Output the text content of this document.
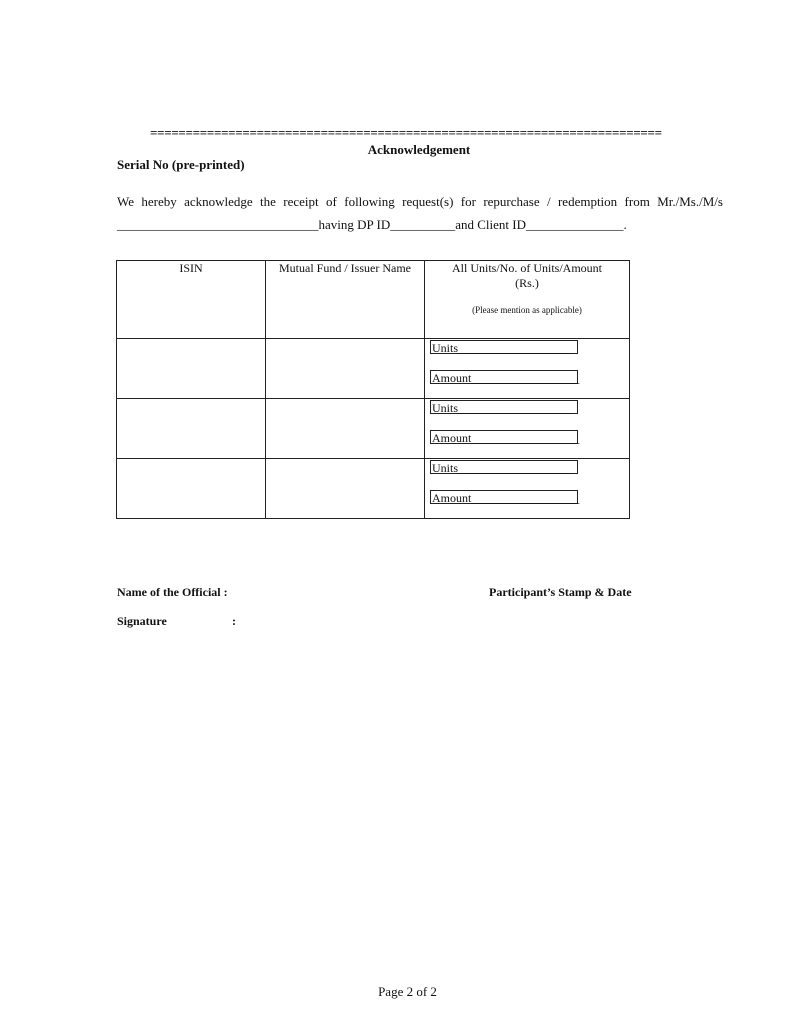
========================================================================
Acknowledgement
Serial No (pre-printed)
We hereby acknowledge the receipt of following request(s) for repurchase / redemption from Mr./Ms./M/s
_______________________________having DP ID__________and Client ID_______________.
ISIN	Mutual Fund / Issuer Name	All Units/No. of Units/Amount
(Rs.)
(Please mention as applicable)

		Units___________________
Amount__________________

		Units___________________
Amount__________________

		Units___________________
Amount__________________
Name of the Official :	Participant’s Stamp & Date
Signature	:
Page 2 of 2
